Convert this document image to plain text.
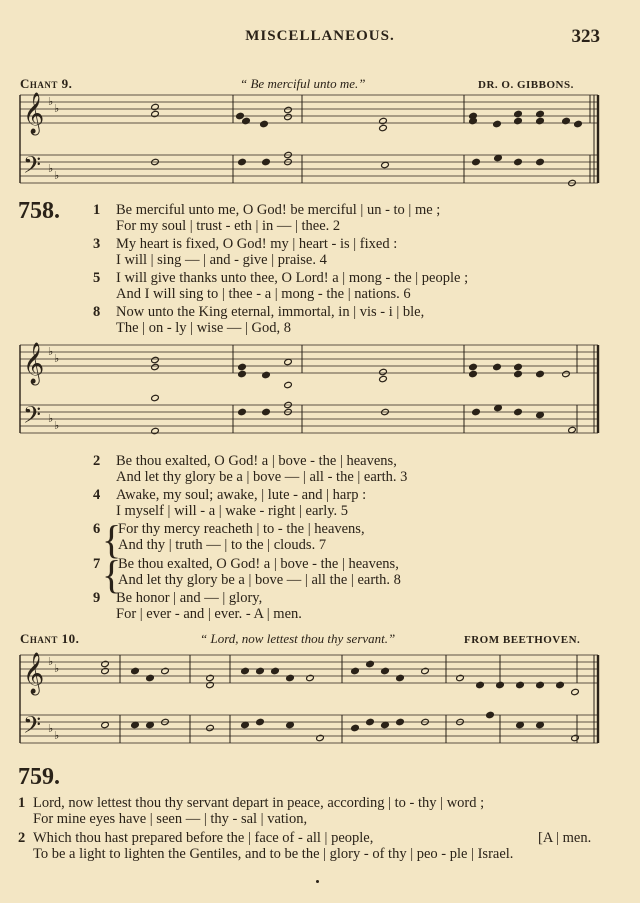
MISCELLANEOUS.	323
Chant 9.	“ Be merciful unto me.”	DR. O. GIBBONS.
𝄞
𝄢
♭
♭
♭
♭
𝄞
𝄢
♭
♭
♭
♭
𝄞
𝄢
♭
♭
♭
♭
758. 1 Be merciful unto me, O God! be merciful | un - to | me ;
For my soul | trust - eth | in — | thee. 2
3 My heart is fixed, O God! my | heart - is | fixed :
I will | sing — | and - give | praise. 4
5 I will give thanks unto thee, O Lord! a | mong - the | people ;
And I will sing to | thee - a | mong - the | nations. 6
8 Now unto the King eternal, immortal, in | vis - i | ble,
The | on - ly | wise — | God, 8
2 Be thou exalted, O God! a | bove - the | heavens,
And let thy glory be a | bove — | all - the | earth. 3
4 Awake, my soul; awake, | lute - and | harp :
I myself | will - a | wake - right | early. 5
{
6 For thy mercy reacheth | to - the | heavens,
And thy | truth — | to the | clouds. 7
{
7 Be thou exalted, O God! a | bove - the | heavens,
And let thy glory be a | bove — | all the | earth. 8
9 Be honor | and — | glory,
For | ever - and | ever. - A | men.
Chant 10.	“ Lord, now lettest thou thy servant.”	FROM BEETHOVEN.
759.
1 Lord, now lettest thou thy servant depart in peace, according | to - thy | word ;
For mine eyes have | seen — | thy - sal | vation,
2 Which thou hast prepared before the | face of - all | people,	[A | men.
To be a light to lighten the Gentiles, and to be the | glory - of thy | peo - ple | Israel.
